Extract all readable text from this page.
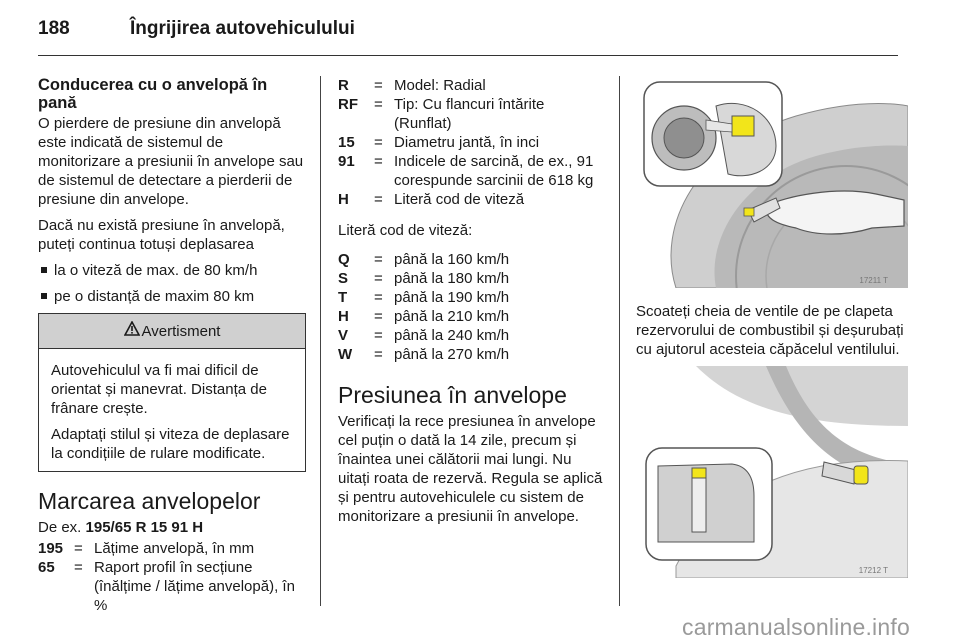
188	Îngrijirea autovehiculului
Conducerea cu o anvelopă în pană

O pierdere de presiune din anvelopă este indicată de sistemul de monitorizare a presiunii în anvelope sau de sistemul de detectare a pierderii de presiune din anvelope.

Dacă nu există presiune în anvelopă, puteți continua totuși deplasarea

la o viteză de max. de 80 km/h
pe o distanță de maxim 80 km
Avertisment

Autovehiculul va fi mai dificil de orientat și manevrat. Distanța de frânare crește.

Adaptați stilul și viteza de deplasare la condițiile de rulare modificate.

Marcarea anvelopelor

De ex. 195/65 R 15 91 H

195	=	Lățime anvelopă, în mm
65	=	Raport profil în secțiune (înălțime / lățime anvelopă), în %
R	=	Model: Radial
RF	=	Tip: Cu flancuri întărite (Runflat)
15	=	Diametru jantă, în inci
91	=	Indicele de sarcină, de ex., 91 corespunde sarcinii de 618 kg
H	=	Literă cod de viteză

Literă cod de viteză:

Q	=	până la 160 km/h
S	=	până la 180 km/h
T	=	până la 190 km/h
H	=	până la 210 km/h
V	=	până la 240 km/h
W	=	până la 270 km/h
Presiunea în anvelope

Verificați la rece presiunea în anvelope cel puțin o dată la 14 zile, precum și înaintea unei călătorii mai lungi. Nu uitați roata de rezervă. Regula se aplică și pentru autovehiculele cu sistem de monitorizare a presiunii în anvelope.

17211 T

Scoateți cheia de ventile de pe clapeta rezervorului de combustibil și deșurubați cu ajutorul acesteia căpăcelul ventilului.

17212 T
carmanualsonline.info
